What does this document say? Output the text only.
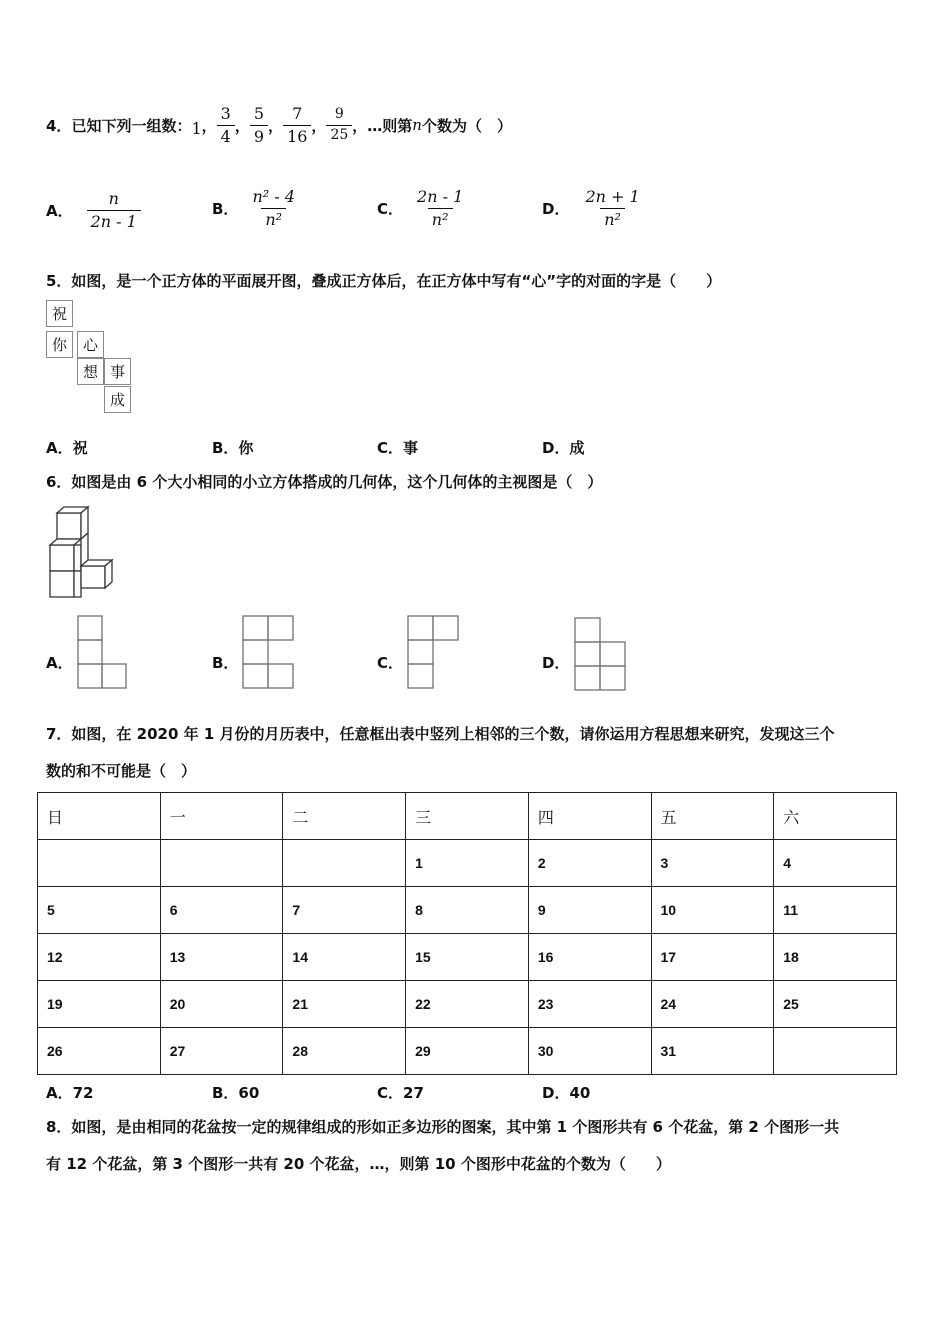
4． 已知下列一组数： 1 ， $\frac{3}{4}$ ， $\frac{5}{9}$ ， $\frac{7}{16}$ ， $\frac{9}{25}$ ，…则第 n 个数为（　）
A． $\frac{n}{2n - 1}$	B． $\frac{\text{n² - 4}}{\text{n²}}$	C． $\frac{2n - 1}{\text{n²}}$	D． $\frac{2n + 1}{\text{n²}}$
5．如图，是一个正方体的平面展开图，叠成正方体后，在正方体中写有“心”字的对面的字是（　　）
祝
你	心
想 事
成
A．祝	B．你	C．事	D．成
6．如图是由 6 个大小相同的小立方体搭成的几何体，这个几何体的主视图是（　）
A．	B．	C．	D．
7．如图，在 2020 年 1 月份的月历表中，任意框出表中竖列上相邻的三个数，请你运用方程思想来研究，发现这三个
数的和不可能是（　）
日	一	二	三	四	五	六
			1	2	3	4
5	6	7	8	9	10	11
12	13	14	15	16	17	18
19	20	21	22	23	24	25
26	27	28	29	30	31	
A．72	B．60	C．27	D．40
8．如图，是由相同的花盆按一定的规律组成的形如正多边形的图案，其中第 1 个图形共有 6 个花盆，第 2 个图形一共
有 12 个花盆，第 3 个图形一共有 20 个花盆，…，则第 10 个图形中花盆的个数为（　　）
